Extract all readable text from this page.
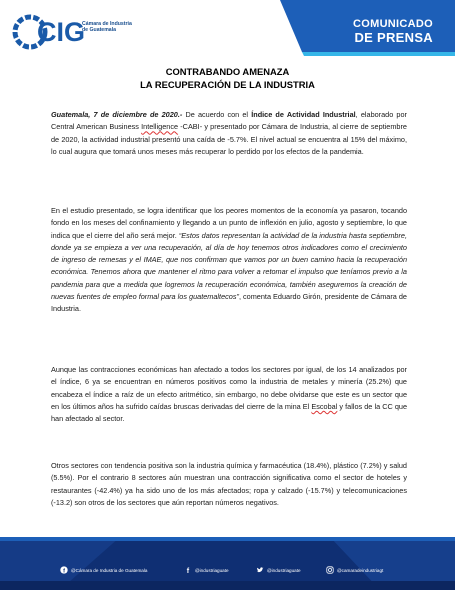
CIG
Cámara de Industria de Guatemala
COMUNICADO
DE PRENSA
CONTRABANDO AMENAZA
LA RECUPERACIÓN DE LA INDUSTRIA
Guatemala, 7 de diciembre de 2020.- De acuerdo con el Índice de Actividad Industrial, elaborado por Central American Business Intelligence -CABI- y presentado por Cámara de Industria, al cierre de septiembre de 2020, la actividad industrial presentó una caída de -5.7%. El nivel actual se encuentra al 15% del máximo, lo cual augura que tomará unos meses más recuperar lo perdido por los efectos de la pandemia.
En el estudio presentado, se logra identificar que los peores momentos de la economía ya pasaron, tocando fondo en los meses del confinamiento y llegando a un punto de inflexión en julio, agosto y septiembre, lo que indica que el cierre del año será mejor. “Estos datos representan la actividad de la industria hasta septiembre, donde ya se empieza a ver una recuperación, al día de hoy tenemos otros indicadores como el crecimiento de ingreso de remesas y el IMAE, que nos confirman que vamos por un buen camino hacia la recuperación económica. Tenemos ahora que mantener el ritmo para volver a retomar el impulso que teníamos previo a la pandemia para que a medida que logremos la recuperación económica, también aseguremos la creación de nuevas fuentes de empleo formal para los guatemaltecos”, comenta Eduardo Girón, presidente de Cámara de Industria.
Aunque las contracciones económicas han afectado a todos los sectores por igual, de los 14 analizados por el índice, 6 ya se encuentran en números positivos como la industria de metales y minería (25.2%) que encabeza el índice a raíz de un efecto aritmético, sin embargo, no debe olvidarse que este es un sector que en los últimos años ha sufrido caídas bruscas derivadas del cierre de la mina El Escobal y fallos de la CC que han afectado al sector.
Otros sectores con tendencia positiva son la industria química y farmacéutica (18.4%), plástico (7.2%) y salud (5.5%). Por el contrario 8 sectores aún muestran una contracción significativa como el sector de hoteles y restaurantes (-42.4%) ya ha sido uno de los más afectados; ropa y calzado (-15.7%) y telecomunicaciones (-13.2) son otros de los sectores que aún reportan números negativos.
f @Cámara de Industria de Guatemala	f @industriaguate	@industriaguate	@camaradeindustriagt
